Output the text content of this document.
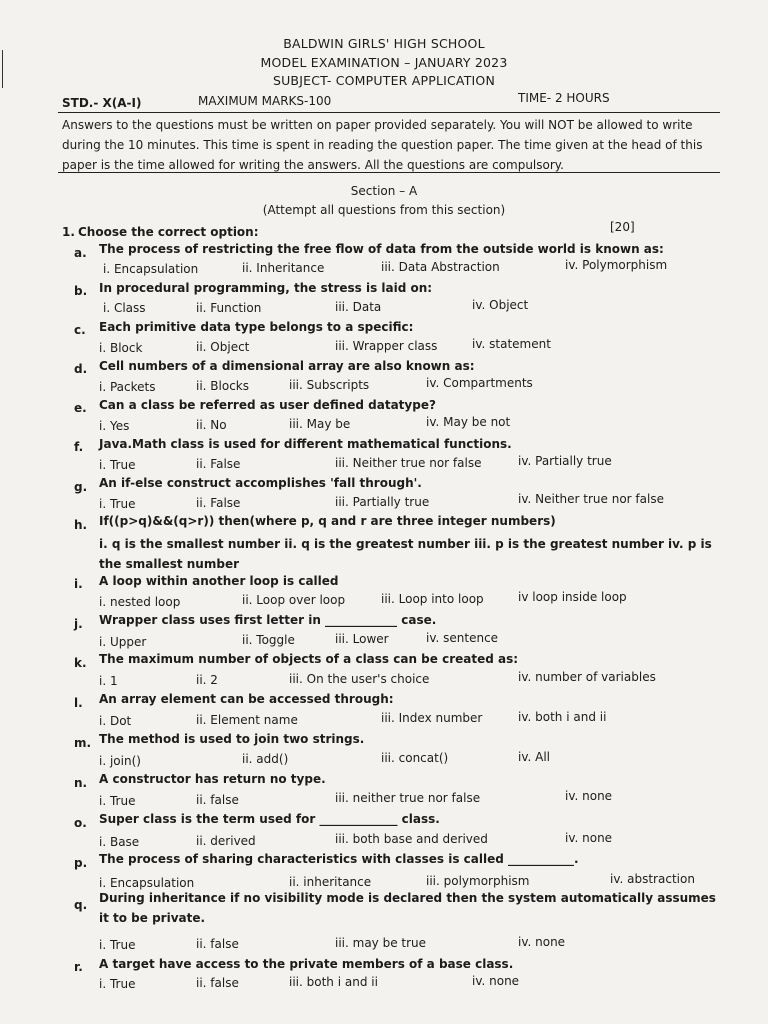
BALDWIN GIRLS' HIGH SCHOOL
MODEL EXAMINATION – JANUARY 2023
SUBJECT- COMPUTER APPLICATION
STD.- X(A-I)	MAXIMUM MARKS-100	TIME- 2 HOURS
Answers to the questions must be written on paper provided separately. You will NOT be allowed to write during the 10 minutes. This time is spent in reading the question paper. The time given at the head of this paper is the time allowed for writing the answers. All the questions are compulsory.
Section – A
(Attempt all questions from this section)
1. Choose the correct option:	[20]
a. The process of restricting the free flow of data from the outside world is known as:
i. Encapsulation	ii. Inheritance	iii. Data Abstraction	iv. Polymorphism
b. In procedural programming, the stress is laid on:
i. Class	ii. Function	iii. Data	iv. Object
c. Each primitive data type belongs to a specific:
i. Block	ii. Object	iii. Wrapper class	iv. statement
d. Cell numbers of a dimensional array are also known as:
i. Packets	ii. Blocks	iii. Subscripts	iv. Compartments
e. Can a class be referred as user defined datatype?
i. Yes	ii. No	iii. May be	iv. May be not
f. Java.Math class is used for different mathematical functions.
i. True	ii. False	iii. Neither true nor false	iv. Partially true
g. An if-else construct accomplishes 'fall through'.
i. True	ii. False	iii. Partially true	iv. Neither true nor false
h. If((p>q)&&(q>r)) then(where p, q and r are three integer numbers)
i. q is the smallest number ii. q is the greatest number iii. p is the greatest number iv. p is the smallest number
i. A loop within another loop is called
i. nested loop	ii. Loop over loop	iii. Loop into loop	iv loop inside loop
j. Wrapper class uses first letter in ____________ case.
i. Upper	ii. Toggle	iii. Lower	iv. sentence
k. The maximum number of objects of a class can be created as:
i. 1	ii. 2	iii. On the user's choice	iv. number of variables
l. An array element can be accessed through:
i. Dot	ii. Element name	iii. Index number	iv. both i and ii
m. The method is used to join two strings.
i. join()	ii. add()	iii. concat()	iv. All
n. A constructor has return no type.
i. True	ii. false	iii. neither true nor false	iv. none
o. Super class is the term used for _____________ class.
i. Base	ii. derived	iii. both base and derived	iv. none
p. The process of sharing characteristics with classes is called ___________.
i. Encapsulation	ii. inheritance	iii. polymorphism	iv. abstraction
q. During inheritance if no visibility mode is declared then the system automatically assumes it to be private.
i. True	ii. false	iii. may be true	iv. none
r. A target have access to the private members of a base class.
i. True	ii. false	iii. both i and ii	iv. none
